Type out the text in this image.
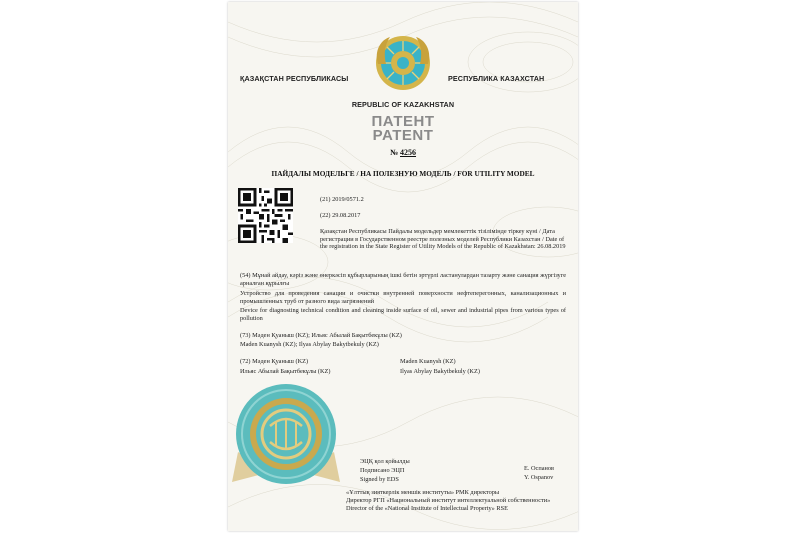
ҚАЗАҚСТАН РЕСПУБЛИКАСЫ	РЕСПУБЛИКА КАЗАХСТАН
REPUBLIC OF KAZAKHSTAN
ПАТЕНТ
PATENT
№ 4256
ПАЙДАЛЫ МОДЕЛЬГЕ / НА ПОЛЕЗНУЮ МОДЕЛЬ / FOR UTILITY MODEL
(21) 2019/0571.2
(22) 29.08.2017
Қазақстан Республикасы Пайдалы модельдер мемлекеттік тізілімінде тіркеу күні / Дата регистрации в Государственном реестре полезных моделей Республики Казахстан / Date of the registration in the State Register of Utility Models of the Republic of Kazakhstan: 26.08.2019
(54) Мұнай айдау, кәріз және өнеркәсіп құбырларының ішкі бетін эртүрлі ластанулардан тазарту және санация жүргізуге арналған құрылғы
Устройство для проведения санации и очистки внутренней поверхности нефтеперегонных, канализационных и промышленных труб от разного вида загрязнений
Device for diagnosting technical condition and cleaning inside surface of oil, sewer and industrial pipes from various types of pollution
(73) Мәден Қуаныш (KZ); Ильяс Абылай Бақытбекұлы (KZ)
Maden Kuanysh (KZ); Ilyas Abylay Bakytbekuly (KZ)
(72) Мәден Қуаныш (KZ)
Ильяс Абылай Бақытбекұлы (KZ)
Maden Kuanysh (KZ)
Ilyas Abylay Bakytbekuly (KZ)
ЭЦҚ қол қойылды
Подписано ЭЦП
Signed by EDS
Е. Оспанов
Y. Ospanov
«Ұлттық зияткерлік меншік институты» РМК директоры
Директор РГП «Национальный институт интеллектуальной собственности»
Director of the «National Institute of Intellectual Property» RSE
